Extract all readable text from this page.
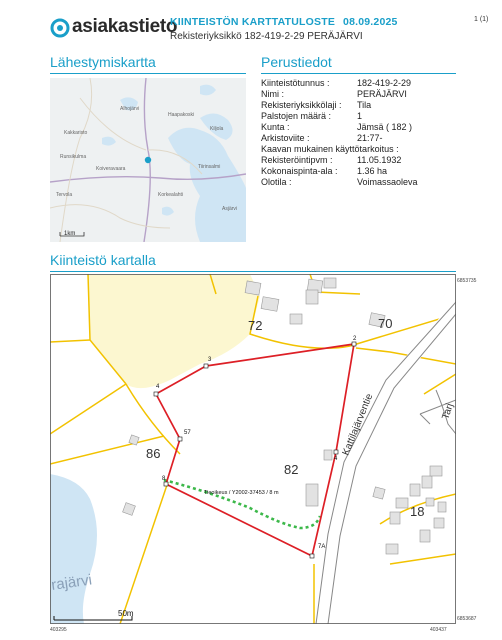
asiakastieto
KIINTEISTÖN KARTTATULOSTE 08.09.2025
Rekisteriyksikkö 182-419-2-29 PERÄJÄRVI
1 (1)
Lähestymiskartta	Perustiedot
Kiinteistö kartalla
Alhojärvi
Haapakoski
Kakkaristo
Kiljola
Runsikulma
Tiirinsalmi
Koiveravaara
Korkealahti
Tervola
Asjärvi
1km
Kiinteistötunnus :	182-419-2-29
Nimi :	PERÄJÄRVI
Rekisteriyksikkölaji :	Tila
Palstojen määrä :	1
Kunta :	Jämsä ( 182 )
Arkistoviite :	21:77-
Kaavan mukainen käyttötarkoitus :
Rekisteröintipvm :	11.05.1932
Kokonaispinta-ala :	1.36 ha
Olotila :	Voimassaoleva
2
3
4
57
8
4
7A
72	70
86
82
18
Kattilajärventie	Tarj
Tieoikeus / Y2002-37453 / 8 m
rajärvi
50m
6853735
6853687
403295	403437
